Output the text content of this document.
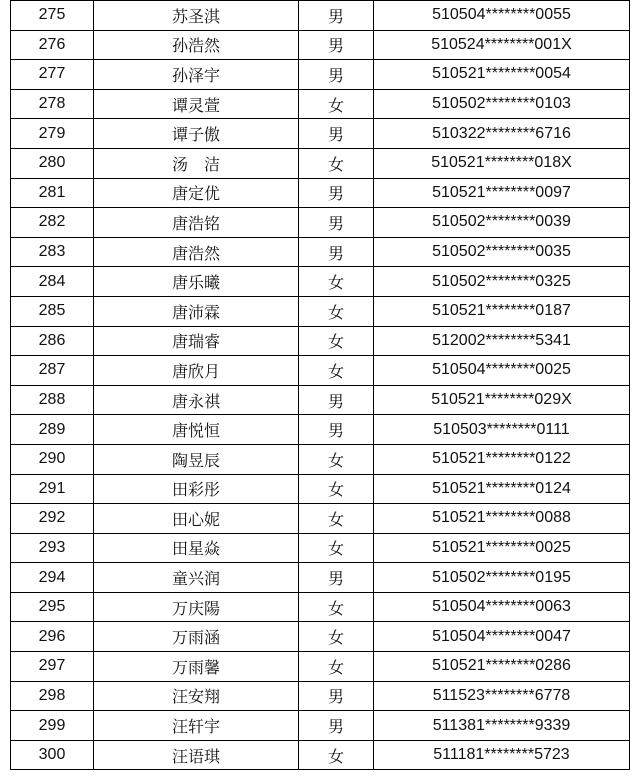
275	苏圣淇	男	510504********0055
276	孙浩然	男	510524********001X
277	孙泽宇	男	510521********0054
278	谭灵萱	女	510502********0103
279	谭子傲	男	510322********6716
280	汤　洁	女	510521********018X
281	唐定优	男	510521********0097
282	唐浩铭	男	510502********0039
283	唐浩然	男	510502********0035
284	唐乐曦	女	510502********0325
285	唐沛霖	女	510521********0187
286	唐瑞睿	女	512002********5341
287	唐欣月	女	510504********0025
288	唐永祺	男	510521********029X
289	唐悦恒	男	510503********0111
290	陶昱辰	女	510521********0122
291	田彩彤	女	510521********0124
292	田心妮	女	510521********0088
293	田星焱	女	510521********0025
294	童兴润	男	510502********0195
295	万庆陽	女	510504********0063
296	万雨涵	女	510504********0047
297	万雨馨	女	510521********0286
298	汪安翔	男	511523********6778
299	汪轩宇	男	511381********9339
300	汪语琪	女	511181********5723
